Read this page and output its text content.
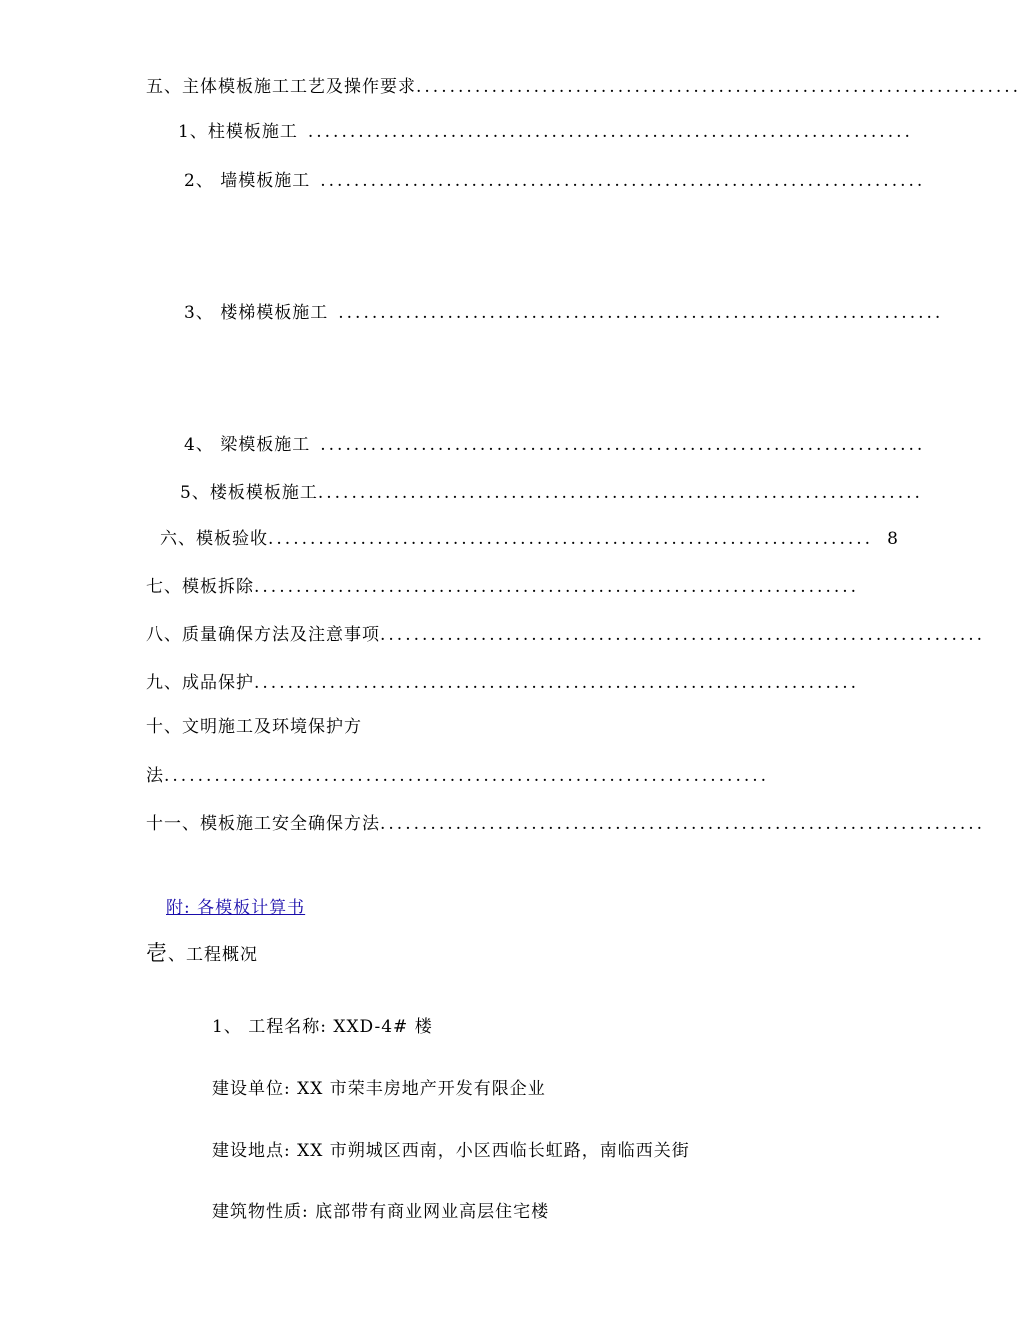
五、主体模板施工工艺及操作要求 ........................................................................
1、柱模板施工 ........................................................................
2、 墙模板施工 ........................................................................
3、 楼梯模板施工 ........................................................................
4、 梁模板施工 ........................................................................
5、楼板模板施工 ........................................................................
六、模板验收 ........................................................................ 8
七、模板拆除 ........................................................................
八、质量确保方法及注意事项 ........................................................................
九、成品保护 ........................................................................
十、文明施工及环境保护方
法 ........................................................................
十一、模板施工安全确保方法 ........................................................................
附: 各模板计算书
壱、工程概况
1、 工程名称: XXD-4# 楼
建设单位: XX 市荣丰房地产开发有限企业
建设地点: XX 市朔城区西南，小区西临长虹路，南临西关街
建筑物性质: 底部带有商业网业高层住宅楼
